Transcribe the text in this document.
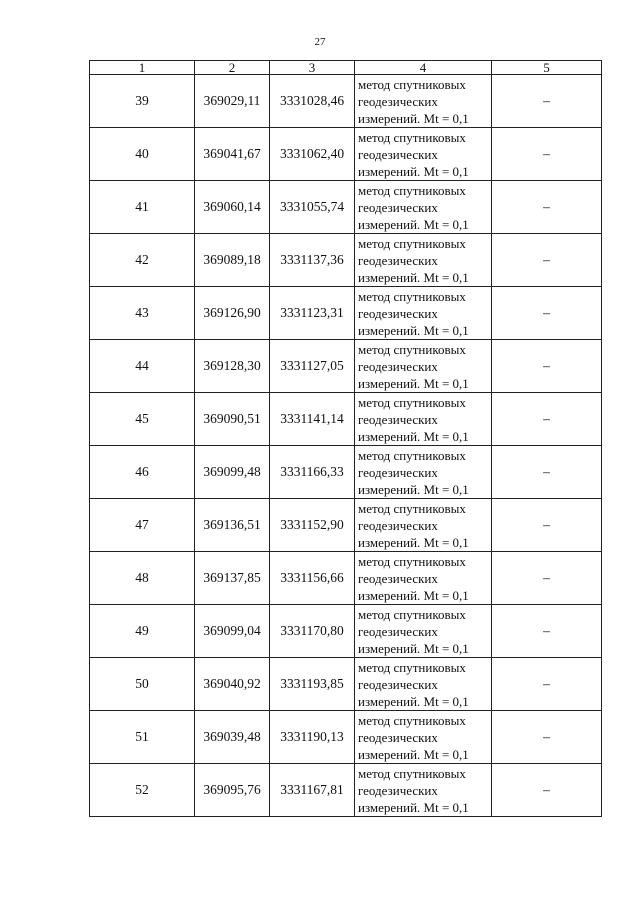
27
1	2	3	4	5
39	369029,11	3331028,46	метод спутниковых
геодезических
измерений. Mt = 0,1	–
40	369041,67	3331062,40	метод спутниковых
геодезических
измерений. Mt = 0,1	–
41	369060,14	3331055,74	метод спутниковых
геодезических
измерений. Mt = 0,1	–
42	369089,18	3331137,36	метод спутниковых
геодезических
измерений. Mt = 0,1	–
43	369126,90	3331123,31	метод спутниковых
геодезических
измерений. Mt = 0,1	–
44	369128,30	3331127,05	метод спутниковых
геодезических
измерений. Mt = 0,1	–
45	369090,51	3331141,14	метод спутниковых
геодезических
измерений. Mt = 0,1	–
46	369099,48	3331166,33	метод спутниковых
геодезических
измерений. Mt = 0,1	–
47	369136,51	3331152,90	метод спутниковых
геодезических
измерений. Mt = 0,1	–
48	369137,85	3331156,66	метод спутниковых
геодезических
измерений. Mt = 0,1	–
49	369099,04	3331170,80	метод спутниковых
геодезических
измерений. Mt = 0,1	–
50	369040,92	3331193,85	метод спутниковых
геодезических
измерений. Mt = 0,1	–
51	369039,48	3331190,13	метод спутниковых
геодезических
измерений. Mt = 0,1	–
52	369095,76	3331167,81	метод спутниковых
геодезических
измерений. Mt = 0,1	–
